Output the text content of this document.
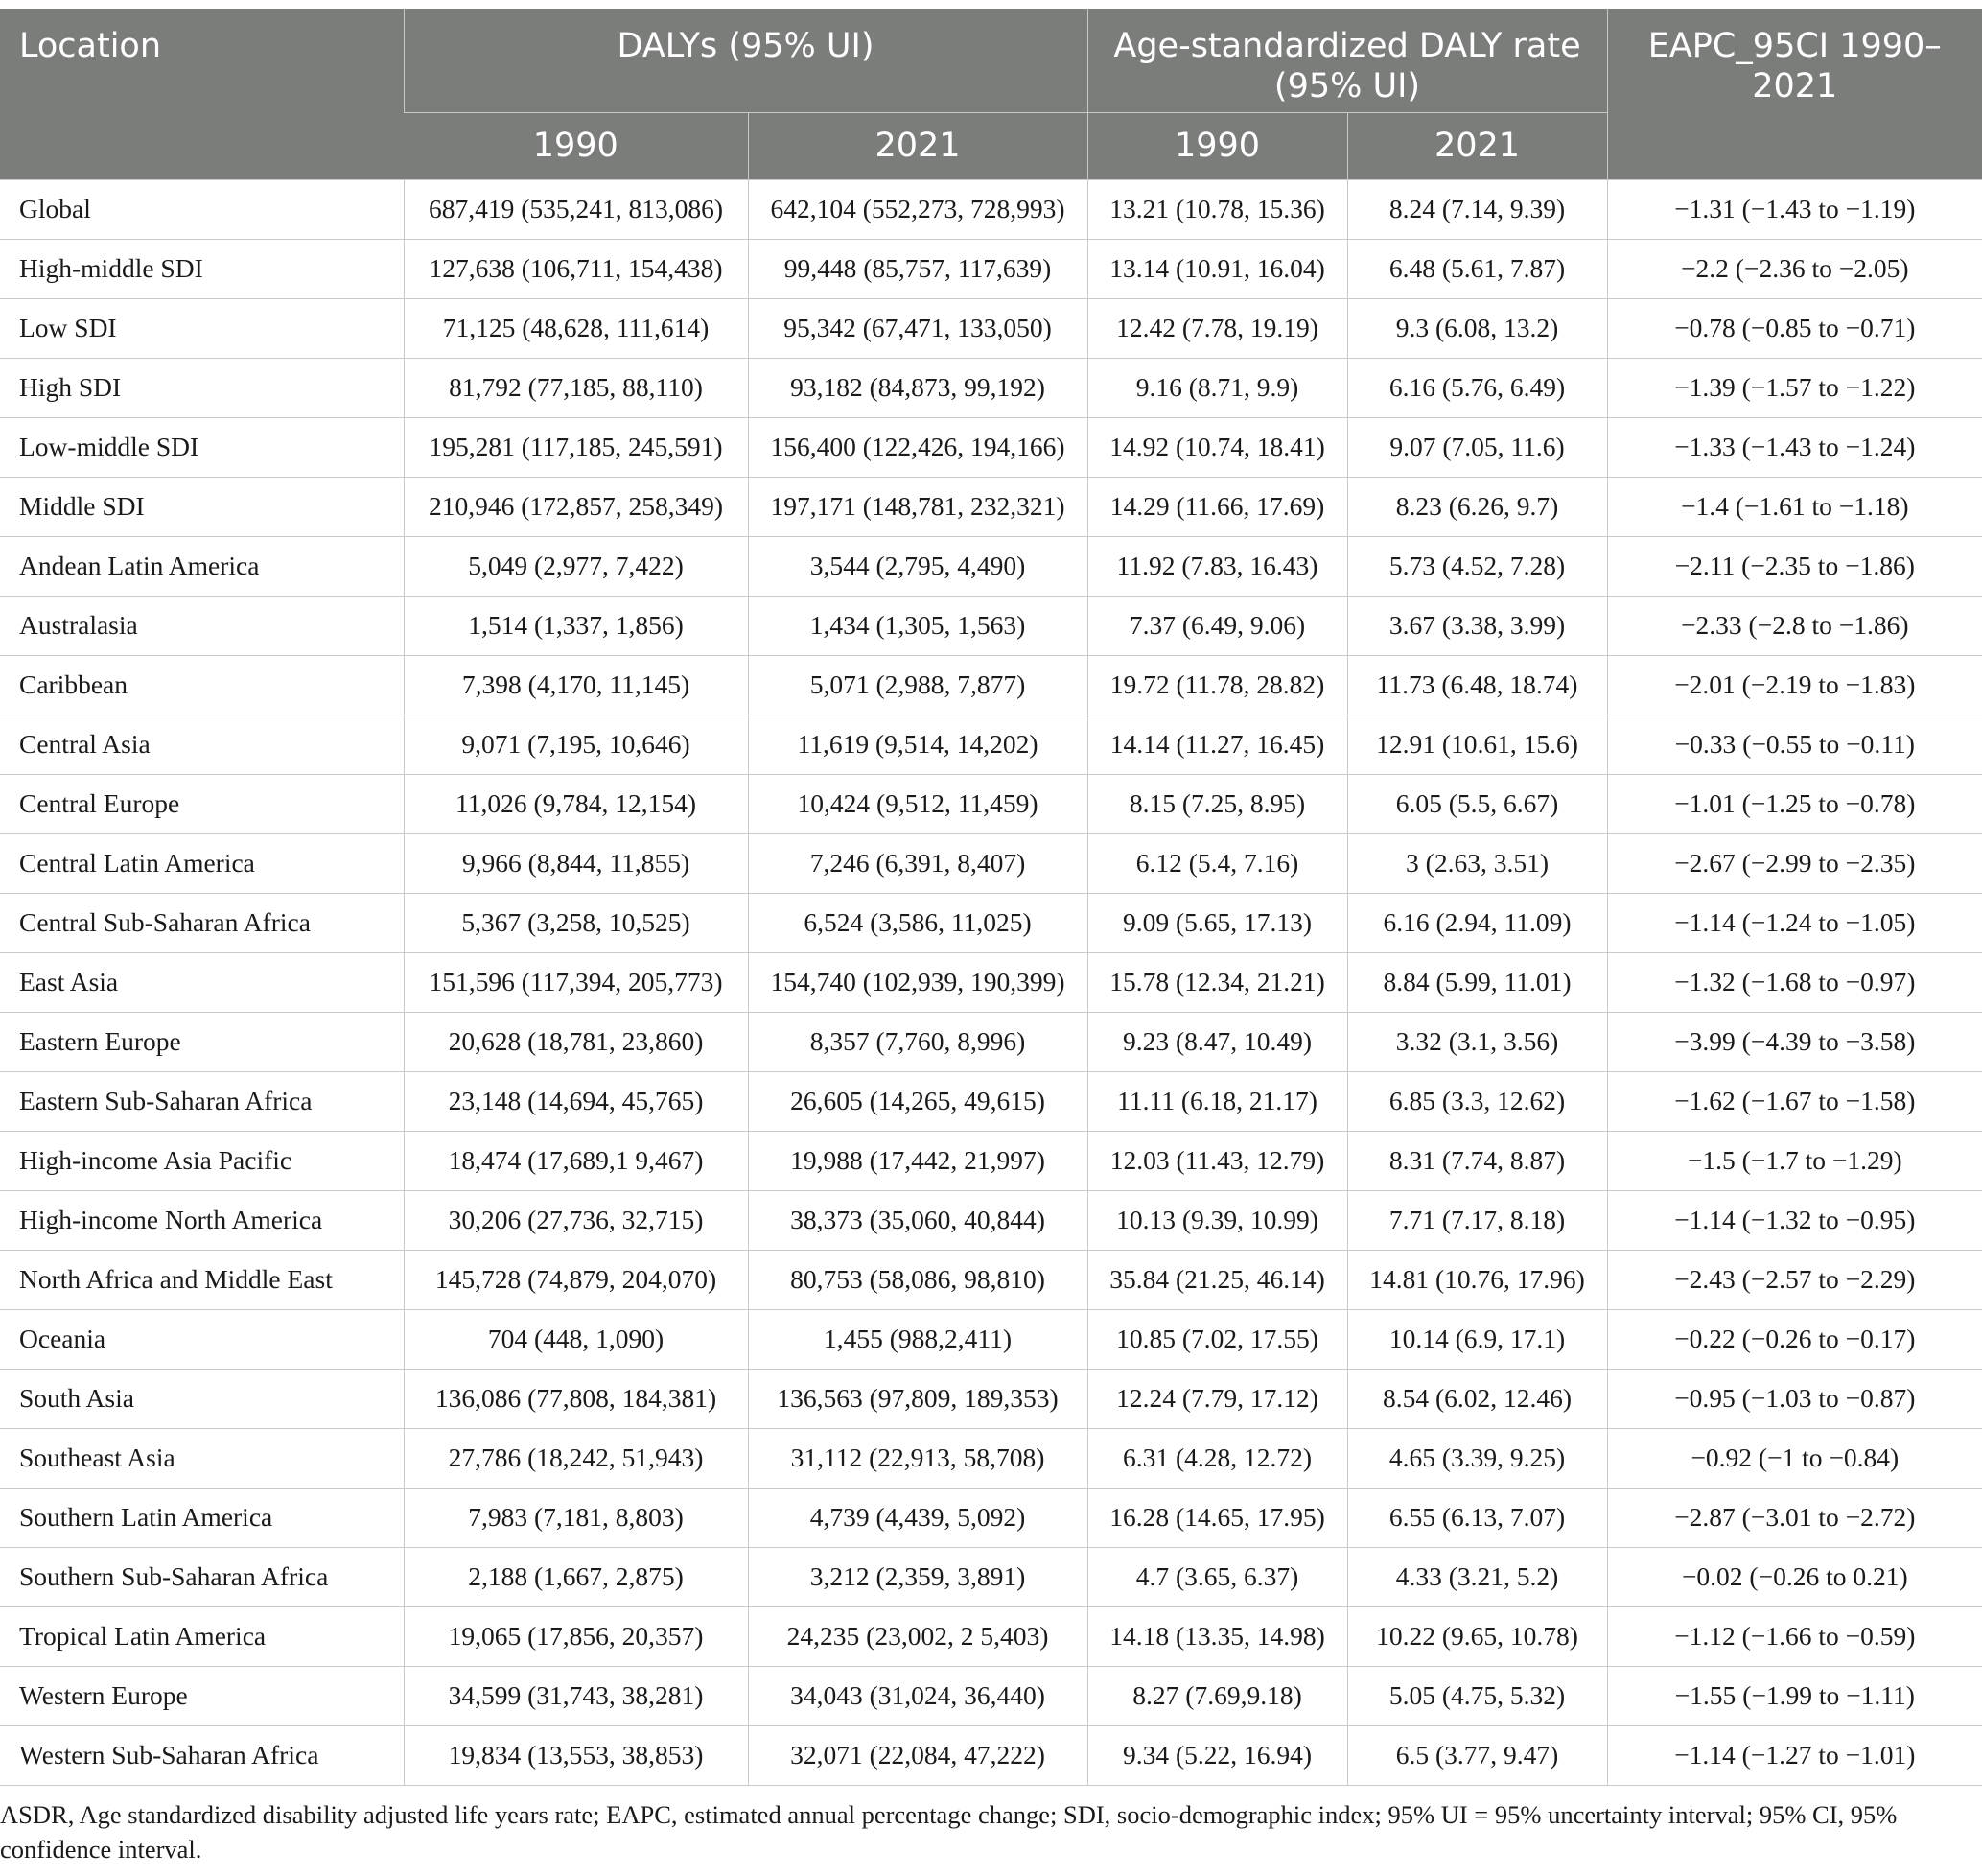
Location	DALYs (95% UI)		Age-standardized DALY rate (95% UI)		EAPC_95CI 1990–2021
	1990	2021	1990	2021	
Global	687,419 (535,241, 813,086)	642,104 (552,273, 728,993)	13.21 (10.78, 15.36)	8.24 (7.14, 9.39)	−1.31 (−1.43 to −1.19)
High-middle SDI	127,638 (106,711, 154,438)	99,448 (85,757, 117,639)	13.14 (10.91, 16.04)	6.48 (5.61, 7.87)	−2.2 (−2.36 to −2.05)
Low SDI	71,125 (48,628, 111,614)	95,342 (67,471, 133,050)	12.42 (7.78, 19.19)	9.3 (6.08, 13.2)	−0.78 (−0.85 to −0.71)
High SDI	81,792 (77,185, 88,110)	93,182 (84,873, 99,192)	9.16 (8.71, 9.9)	6.16 (5.76, 6.49)	−1.39 (−1.57 to −1.22)
Low-middle SDI	195,281 (117,185, 245,591)	156,400 (122,426, 194,166)	14.92 (10.74, 18.41)	9.07 (7.05, 11.6)	−1.33 (−1.43 to −1.24)
Middle SDI	210,946 (172,857, 258,349)	197,171 (148,781, 232,321)	14.29 (11.66, 17.69)	8.23 (6.26, 9.7)	−1.4 (−1.61 to −1.18)
Andean Latin America	5,049 (2,977, 7,422)	3,544 (2,795, 4,490)	11.92 (7.83, 16.43)	5.73 (4.52, 7.28)	−2.11 (−2.35 to −1.86)
Australasia	1,514 (1,337, 1,856)	1,434 (1,305, 1,563)	7.37 (6.49, 9.06)	3.67 (3.38, 3.99)	−2.33 (−2.8 to −1.86)
Caribbean	7,398 (4,170, 11,145)	5,071 (2,988, 7,877)	19.72 (11.78, 28.82)	11.73 (6.48, 18.74)	−2.01 (−2.19 to −1.83)
Central Asia	9,071 (7,195, 10,646)	11,619 (9,514, 14,202)	14.14 (11.27, 16.45)	12.91 (10.61, 15.6)	−0.33 (−0.55 to −0.11)
Central Europe	11,026 (9,784, 12,154)	10,424 (9,512, 11,459)	8.15 (7.25, 8.95)	6.05 (5.5, 6.67)	−1.01 (−1.25 to −0.78)
Central Latin America	9,966 (8,844, 11,855)	7,246 (6,391, 8,407)	6.12 (5.4, 7.16)	3 (2.63, 3.51)	−2.67 (−2.99 to −2.35)
Central Sub-Saharan Africa	5,367 (3,258, 10,525)	6,524 (3,586, 11,025)	9.09 (5.65, 17.13)	6.16 (2.94, 11.09)	−1.14 (−1.24 to −1.05)
East Asia	151,596 (117,394, 205,773)	154,740 (102,939, 190,399)	15.78 (12.34, 21.21)	8.84 (5.99, 11.01)	−1.32 (−1.68 to −0.97)
Eastern Europe	20,628 (18,781, 23,860)	8,357 (7,760, 8,996)	9.23 (8.47, 10.49)	3.32 (3.1, 3.56)	−3.99 (−4.39 to −3.58)
Eastern Sub-Saharan Africa	23,148 (14,694, 45,765)	26,605 (14,265, 49,615)	11.11 (6.18, 21.17)	6.85 (3.3, 12.62)	−1.62 (−1.67 to −1.58)
High-income Asia Pacific	18,474 (17,689,1 9,467)	19,988 (17,442, 21,997)	12.03 (11.43, 12.79)	8.31 (7.74, 8.87)	−1.5 (−1.7 to −1.29)
High-income North America	30,206 (27,736, 32,715)	38,373 (35,060, 40,844)	10.13 (9.39, 10.99)	7.71 (7.17, 8.18)	−1.14 (−1.32 to −0.95)
North Africa and Middle East	145,728 (74,879, 204,070)	80,753 (58,086, 98,810)	35.84 (21.25, 46.14)	14.81 (10.76, 17.96)	−2.43 (−2.57 to −2.29)
Oceania	704 (448, 1,090)	1,455 (988,2,411)	10.85 (7.02, 17.55)	10.14 (6.9, 17.1)	−0.22 (−0.26 to −0.17)
South Asia	136,086 (77,808, 184,381)	136,563 (97,809, 189,353)	12.24 (7.79, 17.12)	8.54 (6.02, 12.46)	−0.95 (−1.03 to −0.87)
Southeast Asia	27,786 (18,242, 51,943)	31,112 (22,913, 58,708)	6.31 (4.28, 12.72)	4.65 (3.39, 9.25)	−0.92 (−1 to −0.84)
Southern Latin America	7,983 (7,181, 8,803)	4,739 (4,439, 5,092)	16.28 (14.65, 17.95)	6.55 (6.13, 7.07)	−2.87 (−3.01 to −2.72)
Southern Sub-Saharan Africa	2,188 (1,667, 2,875)	3,212 (2,359, 3,891)	4.7 (3.65, 6.37)	4.33 (3.21, 5.2)	−0.02 (−0.26 to 0.21)
Tropical Latin America	19,065 (17,856, 20,357)	24,235 (23,002, 2 5,403)	14.18 (13.35, 14.98)	10.22 (9.65, 10.78)	−1.12 (−1.66 to −0.59)
Western Europe	34,599 (31,743, 38,281)	34,043 (31,024, 36,440)	8.27 (7.69,9.18)	5.05 (4.75, 5.32)	−1.55 (−1.99 to −1.11)
Western Sub-Saharan Africa	19,834 (13,553, 38,853)	32,071 (22,084, 47,222)	9.34 (5.22, 16.94)	6.5 (3.77, 9.47)	−1.14 (−1.27 to −1.01)
ASDR, Age standardized disability adjusted life years rate; EAPC, estimated annual percentage change; SDI, socio-demographic index; 95% UI = 95% uncertainty interval; 95% CI, 95% confidence interval.
